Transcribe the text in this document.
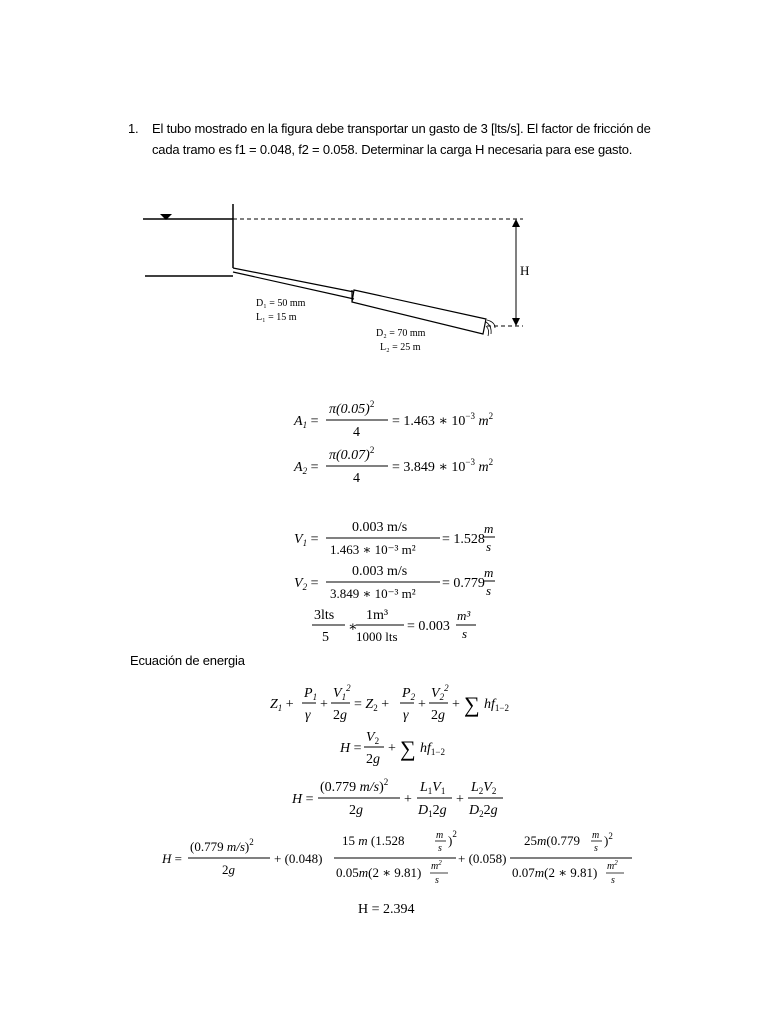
1.	El tubo mostrado en la figura debe transportar un gasto de 3 [lts/s]. El factor de fricción de cada tramo es f1 = 0.048, f2 = 0.058. Determinar la carga H necesaria para ese gasto.
H
D₁ = 50 mm
L₁ = 15 m
D₂ = 70 mm
L₂ = 25 m
$A_1$ =
$\pi(0.05)^2$
4
= 1.463 ∗ $10^{-3}$ $m^2$
$A_2$ =
$\pi(0.07)^2$
4
= 3.849 ∗ $10^{-3}$ $m^2$
$V_1$ =
0.003 m/s
1.463 ∗ 10⁻³ m²
= 1.528
m
s
$V_2$ =
0.003 m/s
3.849 ∗ 10⁻³ m²
= 0.779
m
s
3lts
5
∗
1m³
1000 lts
= 0.003
m³
s
Ecuación de energia
$Z_1$ +
$P_1$
γ
+
$V_1^2$
2g
= $Z_2$ +
$P_2$
γ
+
$V_2^2$
2g
+ ∑ $hf_{1-2}$
H =
$V_2$
2g
+ ∑ $hf_{1-2}$
H =
(0.779 m/s)$^2$
2g
+
$L_1V_1$
$D_12g$
+
$L_2V_2$
$D_22g$
H =
(0.779 m/s)$^2$
2g
+ (0.048)
15 m (1.528	m
s
)$^2$
0.05m(2 ∗ 9.81) $m^2$
s
+ (0.058)
25m(0.779 m
s
)$^2$
0.07m(2 ∗ 9.81) $m^2$
s
H = 2.394
